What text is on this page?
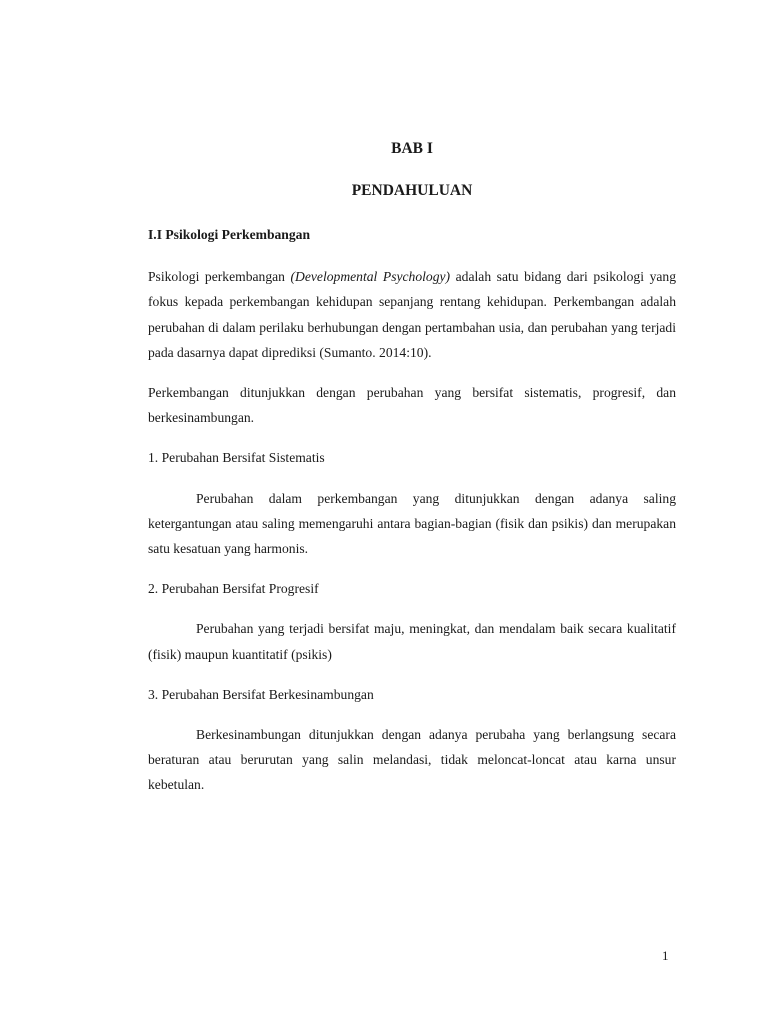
BAB I
PENDAHULUAN

I.I Psikologi Perkembangan

Psikologi perkembangan (Developmental Psychology) adalah satu bidang dari psikologi yang fokus kepada perkembangan kehidupan sepanjang rentang kehidupan. Perkembangan adalah perubahan di dalam perilaku berhubungan dengan pertambahan usia, dan perubahan yang terjadi pada dasarnya dapat diprediksi (Sumanto. 2014:10).

Perkembangan ditunjukkan dengan perubahan yang bersifat sistematis, progresif, dan berkesinambungan.

1. Perubahan Bersifat Sistematis

Perubahan dalam perkembangan yang ditunjukkan dengan adanya saling ketergantungan atau saling memengaruhi antara bagian-bagian (fisik dan psikis) dan merupakan satu kesatuan yang harmonis.

2. Perubahan Bersifat Progresif

Perubahan yang terjadi bersifat maju, meningkat, dan mendalam baik secara kualitatif (fisik) maupun kuantitatif (psikis)

3. Perubahan Bersifat Berkesinambungan

Berkesinambungan ditunjukkan dengan adanya perubaha yang berlangsung secara beraturan atau berurutan yang salin melandasi, tidak meloncat-loncat atau karna unsur kebetulan.

1
